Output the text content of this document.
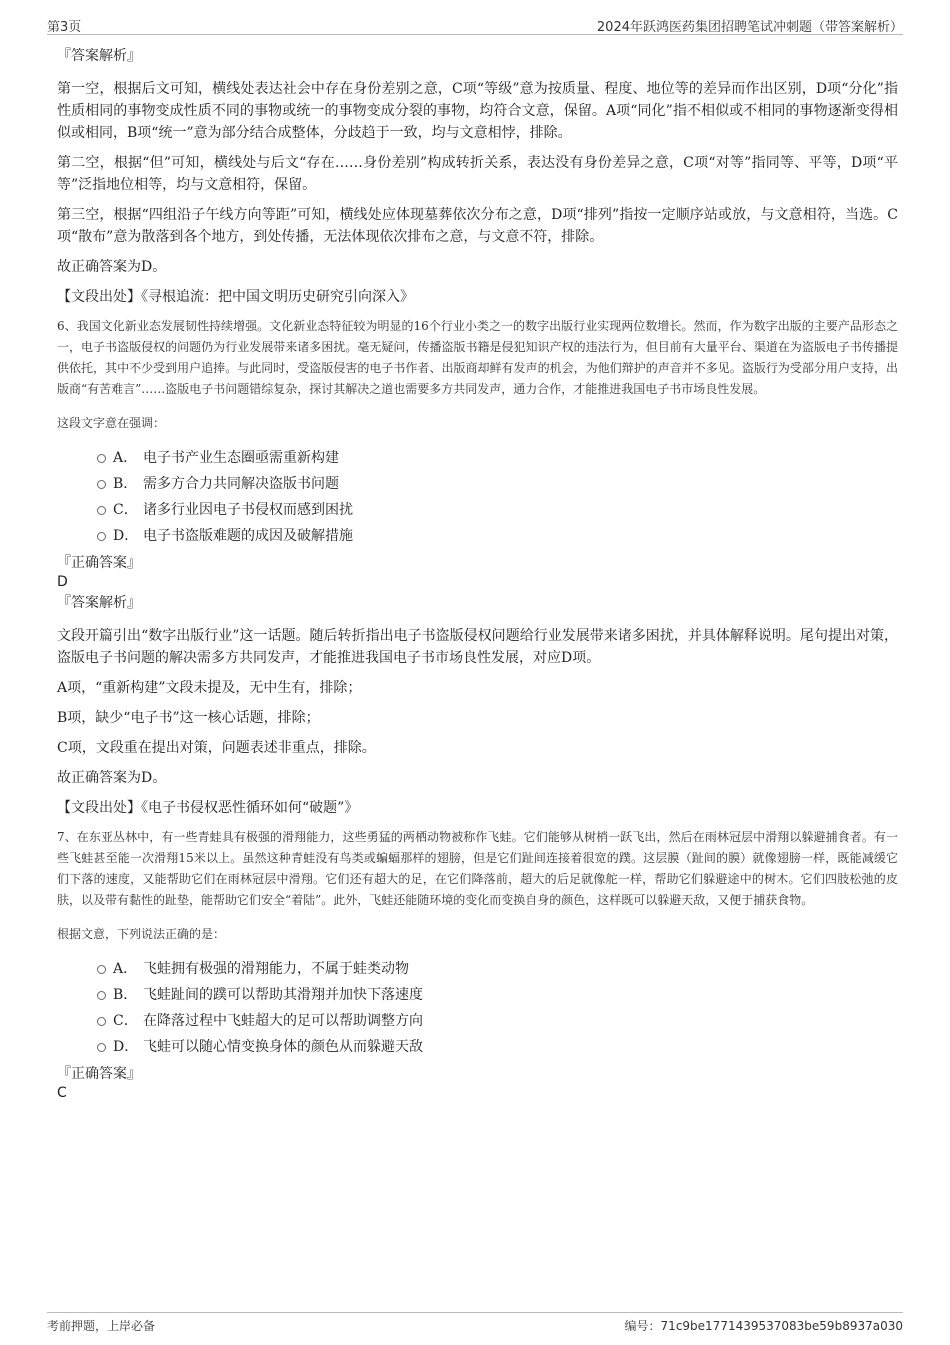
第3页	2024年跃鸿医药集团招聘笔试冲刺题（带答案解析）

『答案解析』

第一空，根据后文可知，横线处表达社会中存在身份差别之意，C项“等级”意为按质量、程度、地位等的差异而作出区别，D项“分化”指性质相同的事物变成性质不同的事物或统一的事物变成分裂的事物，均符合文意，保留。A项“同化”指不相似或不相同的事物逐渐变得相似或相同，B项“统一”意为部分结合成整体，分歧趋于一致，均与文意相悖，排除。

第二空，根据“但”可知，横线处与后文“存在……身份差别”构成转折关系，表达没有身份差异之意，C项“对等”指同等、平等，D项“平等”泛指地位相等，均与文意相符，保留。

第三空，根据“四组沿子午线方向等距”可知，横线处应体现墓葬依次分布之意，D项“排列”指按一定顺序站或放，与文意相符，当选。C项“散布”意为散落到各个地方，到处传播，无法体现依次排布之意，与文意不符，排除。

故正确答案为D。

【文段出处】《寻根追流：把中国文明历史研究引向深入》

6、我国文化新业态发展韧性持续增强。文化新业态特征较为明显的16个行业小类之一的数字出版行业实现两位数增长。然而，作为数字出版的主要产品形态之一，电子书盗版侵权的问题仍为行业发展带来诸多困扰。毫无疑问，传播盗版书籍是侵犯知识产权的违法行为，但目前有大量平台、渠道在为盗版电子书传播提供依托，其中不少受到用户追捧。与此同时，受盗版侵害的电子书作者、出版商却鲜有发声的机会，为他们辩护的声音并不多见。盗版行为受部分用户支持，出版商“有苦难言”……盗版电子书问题错综复杂，探讨其解决之道也需要多方共同发声，通力合作，才能推进我国电子书市场良性发展。

这段文字意在强调：

A． 电子书产业生态圈亟需重新构建
B． 需多方合力共同解决盗版书问题
C． 诸多行业因电子书侵权而感到困扰
D． 电子书盗版难题的成因及破解措施

『正确答案』

D

『答案解析』

文段开篇引出“数字出版行业”这一话题。随后转折指出电子书盗版侵权问题给行业发展带来诸多困扰，并具体解释说明。尾句提出对策，盗版电子书问题的解决需多方共同发声，才能推进我国电子书市场良性发展，对应D项。

A项，“重新构建”文段未提及，无中生有，排除；

B项，缺少“电子书”这一核心话题，排除；

C项，文段重在提出对策，问题表述非重点，排除。

故正确答案为D。

【文段出处】《电子书侵权恶性循环如何“破题”》

7、在东亚丛林中，有一些青蛙具有极强的滑翔能力，这些勇猛的两栖动物被称作飞蛙。它们能够从树梢一跃飞出，然后在雨林冠层中滑翔以躲避捕食者。有一些飞蛙甚至能一次滑翔15米以上。虽然这种青蛙没有鸟类或蝙蝠那样的翅膀，但是它们趾间连接着很宽的蹼。这层膜（趾间的膜）就像翅膀一样，既能减缓它们下落的速度，又能帮助它们在雨林冠层中滑翔。它们还有超大的足，在它们降落前，超大的后足就像舵一样，帮助它们躲避途中的树木。它们四肢松弛的皮肤，以及带有黏性的趾垫，能帮助它们安全“着陆”。此外，飞蛙还能随环境的变化而变换自身的颜色，这样既可以躲避天敌，又便于捕获食物。

根据文意，下列说法正确的是：

A． 飞蛙拥有极强的滑翔能力，不属于蛙类动物
B． 飞蛙趾间的蹼可以帮助其滑翔并加快下落速度
C． 在降落过程中飞蛙超大的足可以帮助调整方向
D． 飞蛙可以随心情变换身体的颜色从而躲避天敌

『正确答案』

C

考前押题，上岸必备	编号：71c9be1771439537083be59b8937a030
